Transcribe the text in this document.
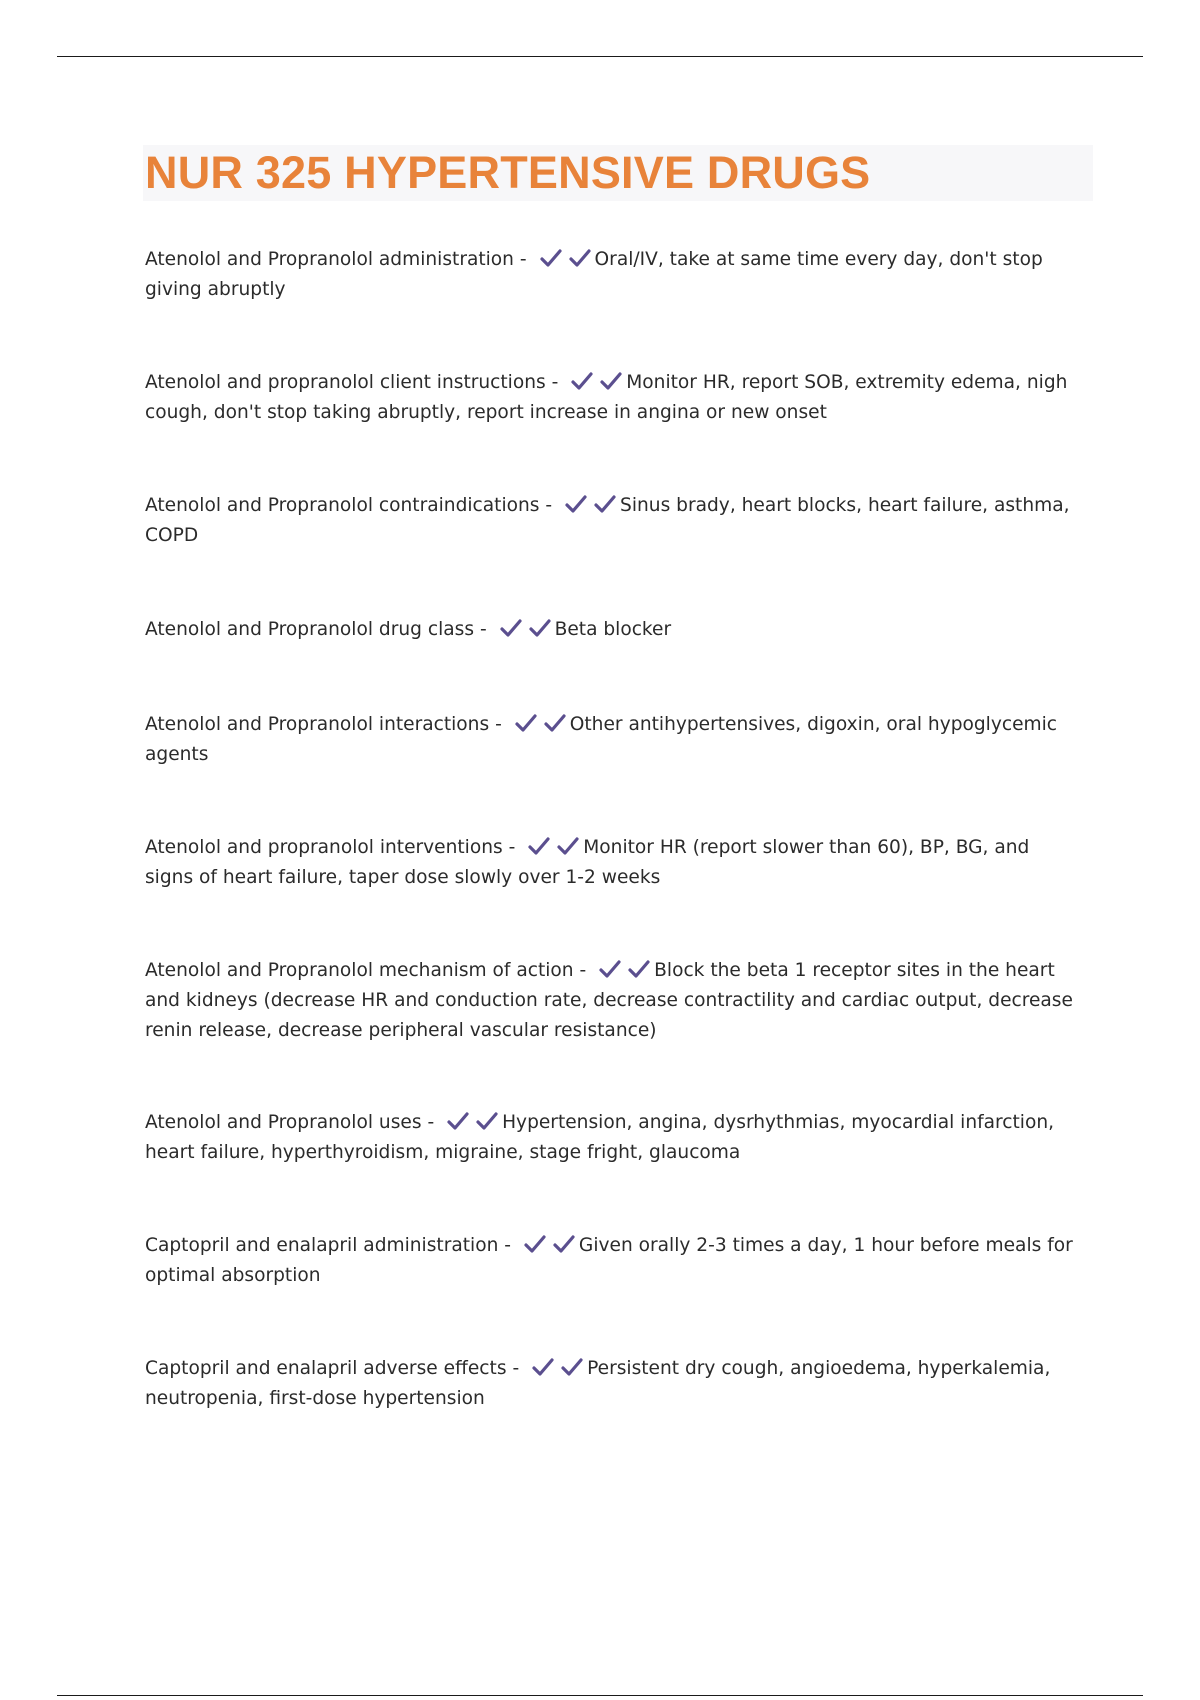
NUR 325 HYPERTENSIVE DRUGS
Atenolol and Propranolol administration -	Oral/IV, take at same time every day, don't stop giving abruptly
Atenolol and propranolol client instructions -	Monitor HR, report SOB, extremity edema, nigh cough, don't stop taking abruptly, report increase in angina or new onset
Atenolol and Propranolol contraindications -	Sinus brady, heart blocks, heart failure, asthma, COPD
Atenolol and Propranolol drug class -	Beta blocker
Atenolol and Propranolol interactions -	Other antihypertensives, digoxin, oral hypoglycemic agents
Atenolol and propranolol interventions -	Monitor HR (report slower than 60), BP, BG, and signs of heart failure, taper dose slowly over 1-2 weeks
Atenolol and Propranolol mechanism of action -	Block the beta 1 receptor sites in the heart and kidneys (decrease HR and conduction rate, decrease contractility and cardiac output, decrease renin release, decrease peripheral vascular resistance)
Atenolol and Propranolol uses -	Hypertension, angina, dysrhythmias, myocardial infarction, heart failure, hyperthyroidism, migraine, stage fright, glaucoma
Captopril and enalapril administration -	Given orally 2-3 times a day, 1 hour before meals for optimal absorption
Captopril and enalapril adverse effects -	Persistent dry cough, angioedema, hyperkalemia, neutropenia, first-dose hypertension
